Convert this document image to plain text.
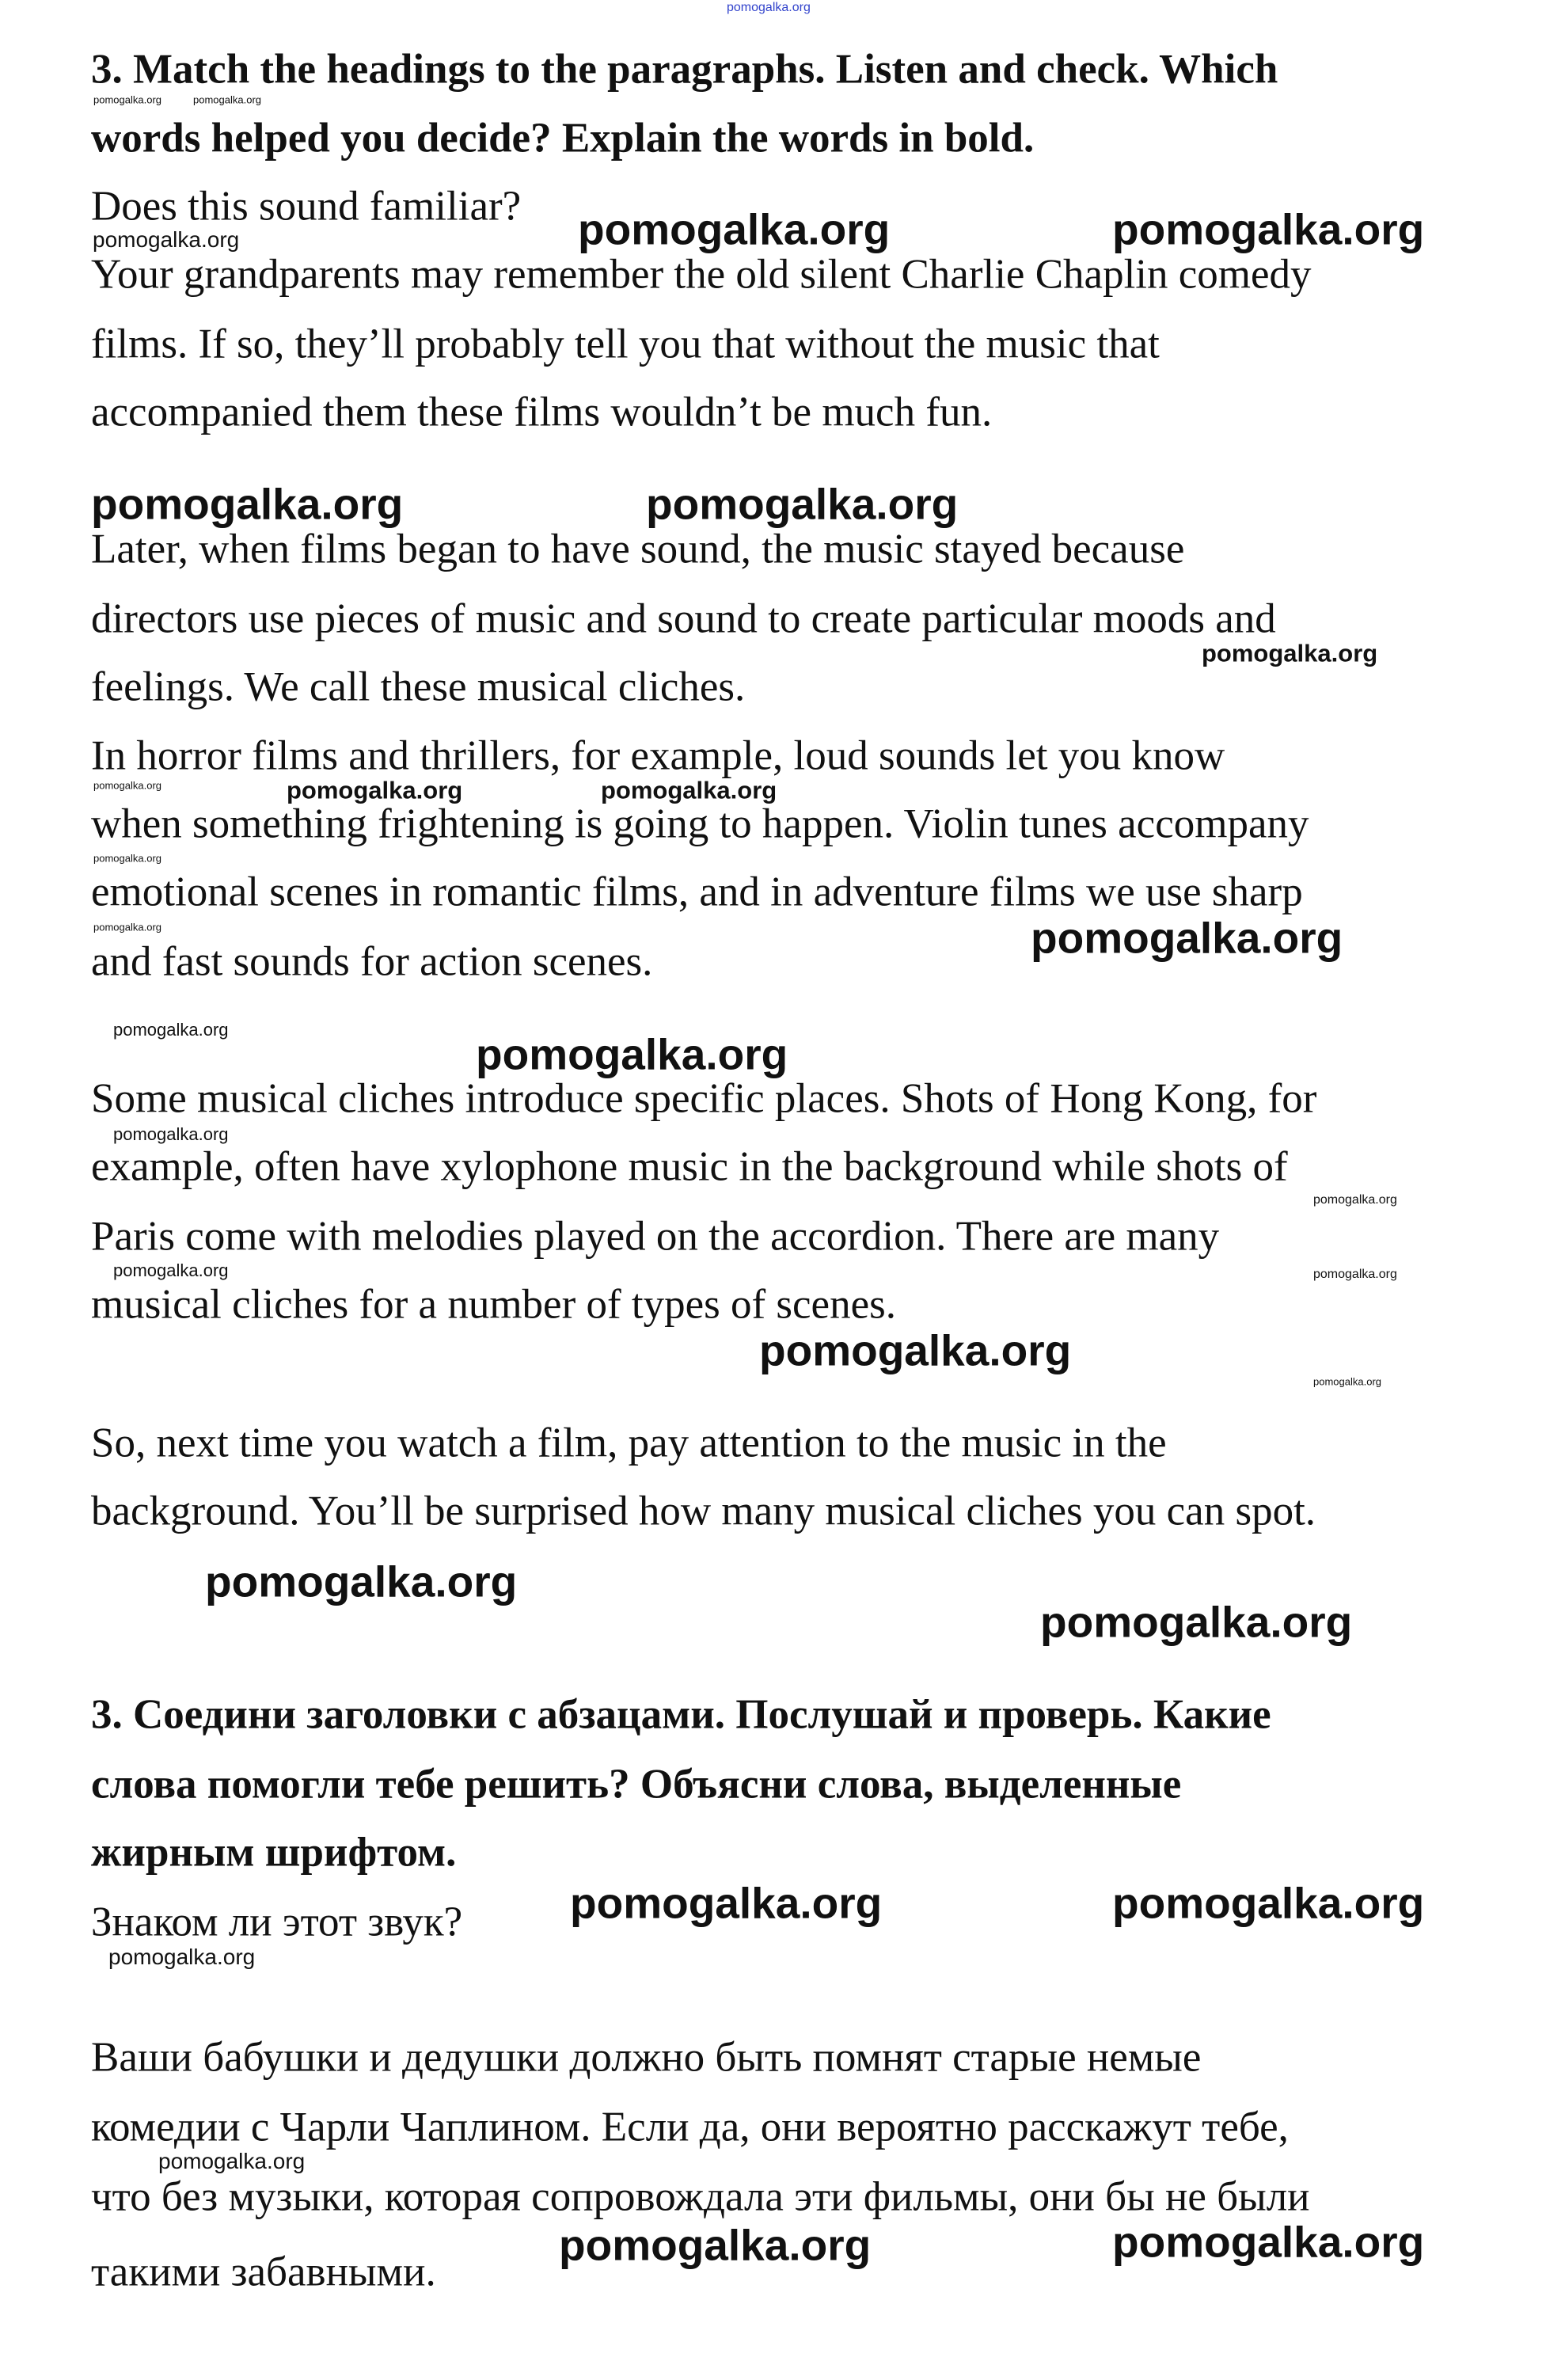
pomogalka.org
pomogalka.org	pomogalka.org
pomogalka.org	pomogalka.org	pomogalka.org
pomogalka.org	pomogalka.org
pomogalka.org
pomogalka.org	pomogalka.org	pomogalka.org
pomogalka.org
pomogalka.org	pomogalka.org
pomogalka.org	pomogalka.org
pomogalka.org
pomogalka.org
pomogalka.org	pomogalka.org
pomogalka.org
pomogalka.org
pomogalka.org
pomogalka.org
pomogalka.org	pomogalka.org
pomogalka.org
pomogalka.org
pomogalka.org
pomogalka.org
3. Match the headings to the paragraphs. Listen and check. Which
words helped you decide? Explain the words in bold.
Does this sound familiar?
Your grandparents may remember the old silent Charlie Chaplin comedy
films. If so, they’ll probably tell you that without the music that
accompanied them these films wouldn’t be much fun.
Later, when films began to have sound, the music stayed because
directors use pieces of music and sound to create particular moods and
feelings. We call these musical cliches.
In horror films and thrillers, for example, loud sounds let you know
when something frightening is going to happen. Violin tunes accompany
emotional scenes in romantic films, and in adventure films we use sharp
and fast sounds for action scenes.
Some musical cliches introduce specific places. Shots of Hong Kong, for
example, often have xylophone music in the background while shots of
Paris come with melodies played on the accordion. There are many
musical cliches for a number of types of scenes.
So, next time you watch a film, pay attention to the music in the
background. You’ll be surprised how many musical cliches you can spot.
3. Соедини заголовки с абзацами. Послушай и проверь. Какие
слова помогли тебе решить? Объясни слова, выделенные
жирным шрифтом.
Знаком ли этот звук?
Ваши бабушки и дедушки должно быть помнят старые немые
комедии с Чарли Чаплином. Если да, они вероятно расскажут тебе,
что без музыки, которая сопровождала эти фильмы, они бы не были
такими забавными.
